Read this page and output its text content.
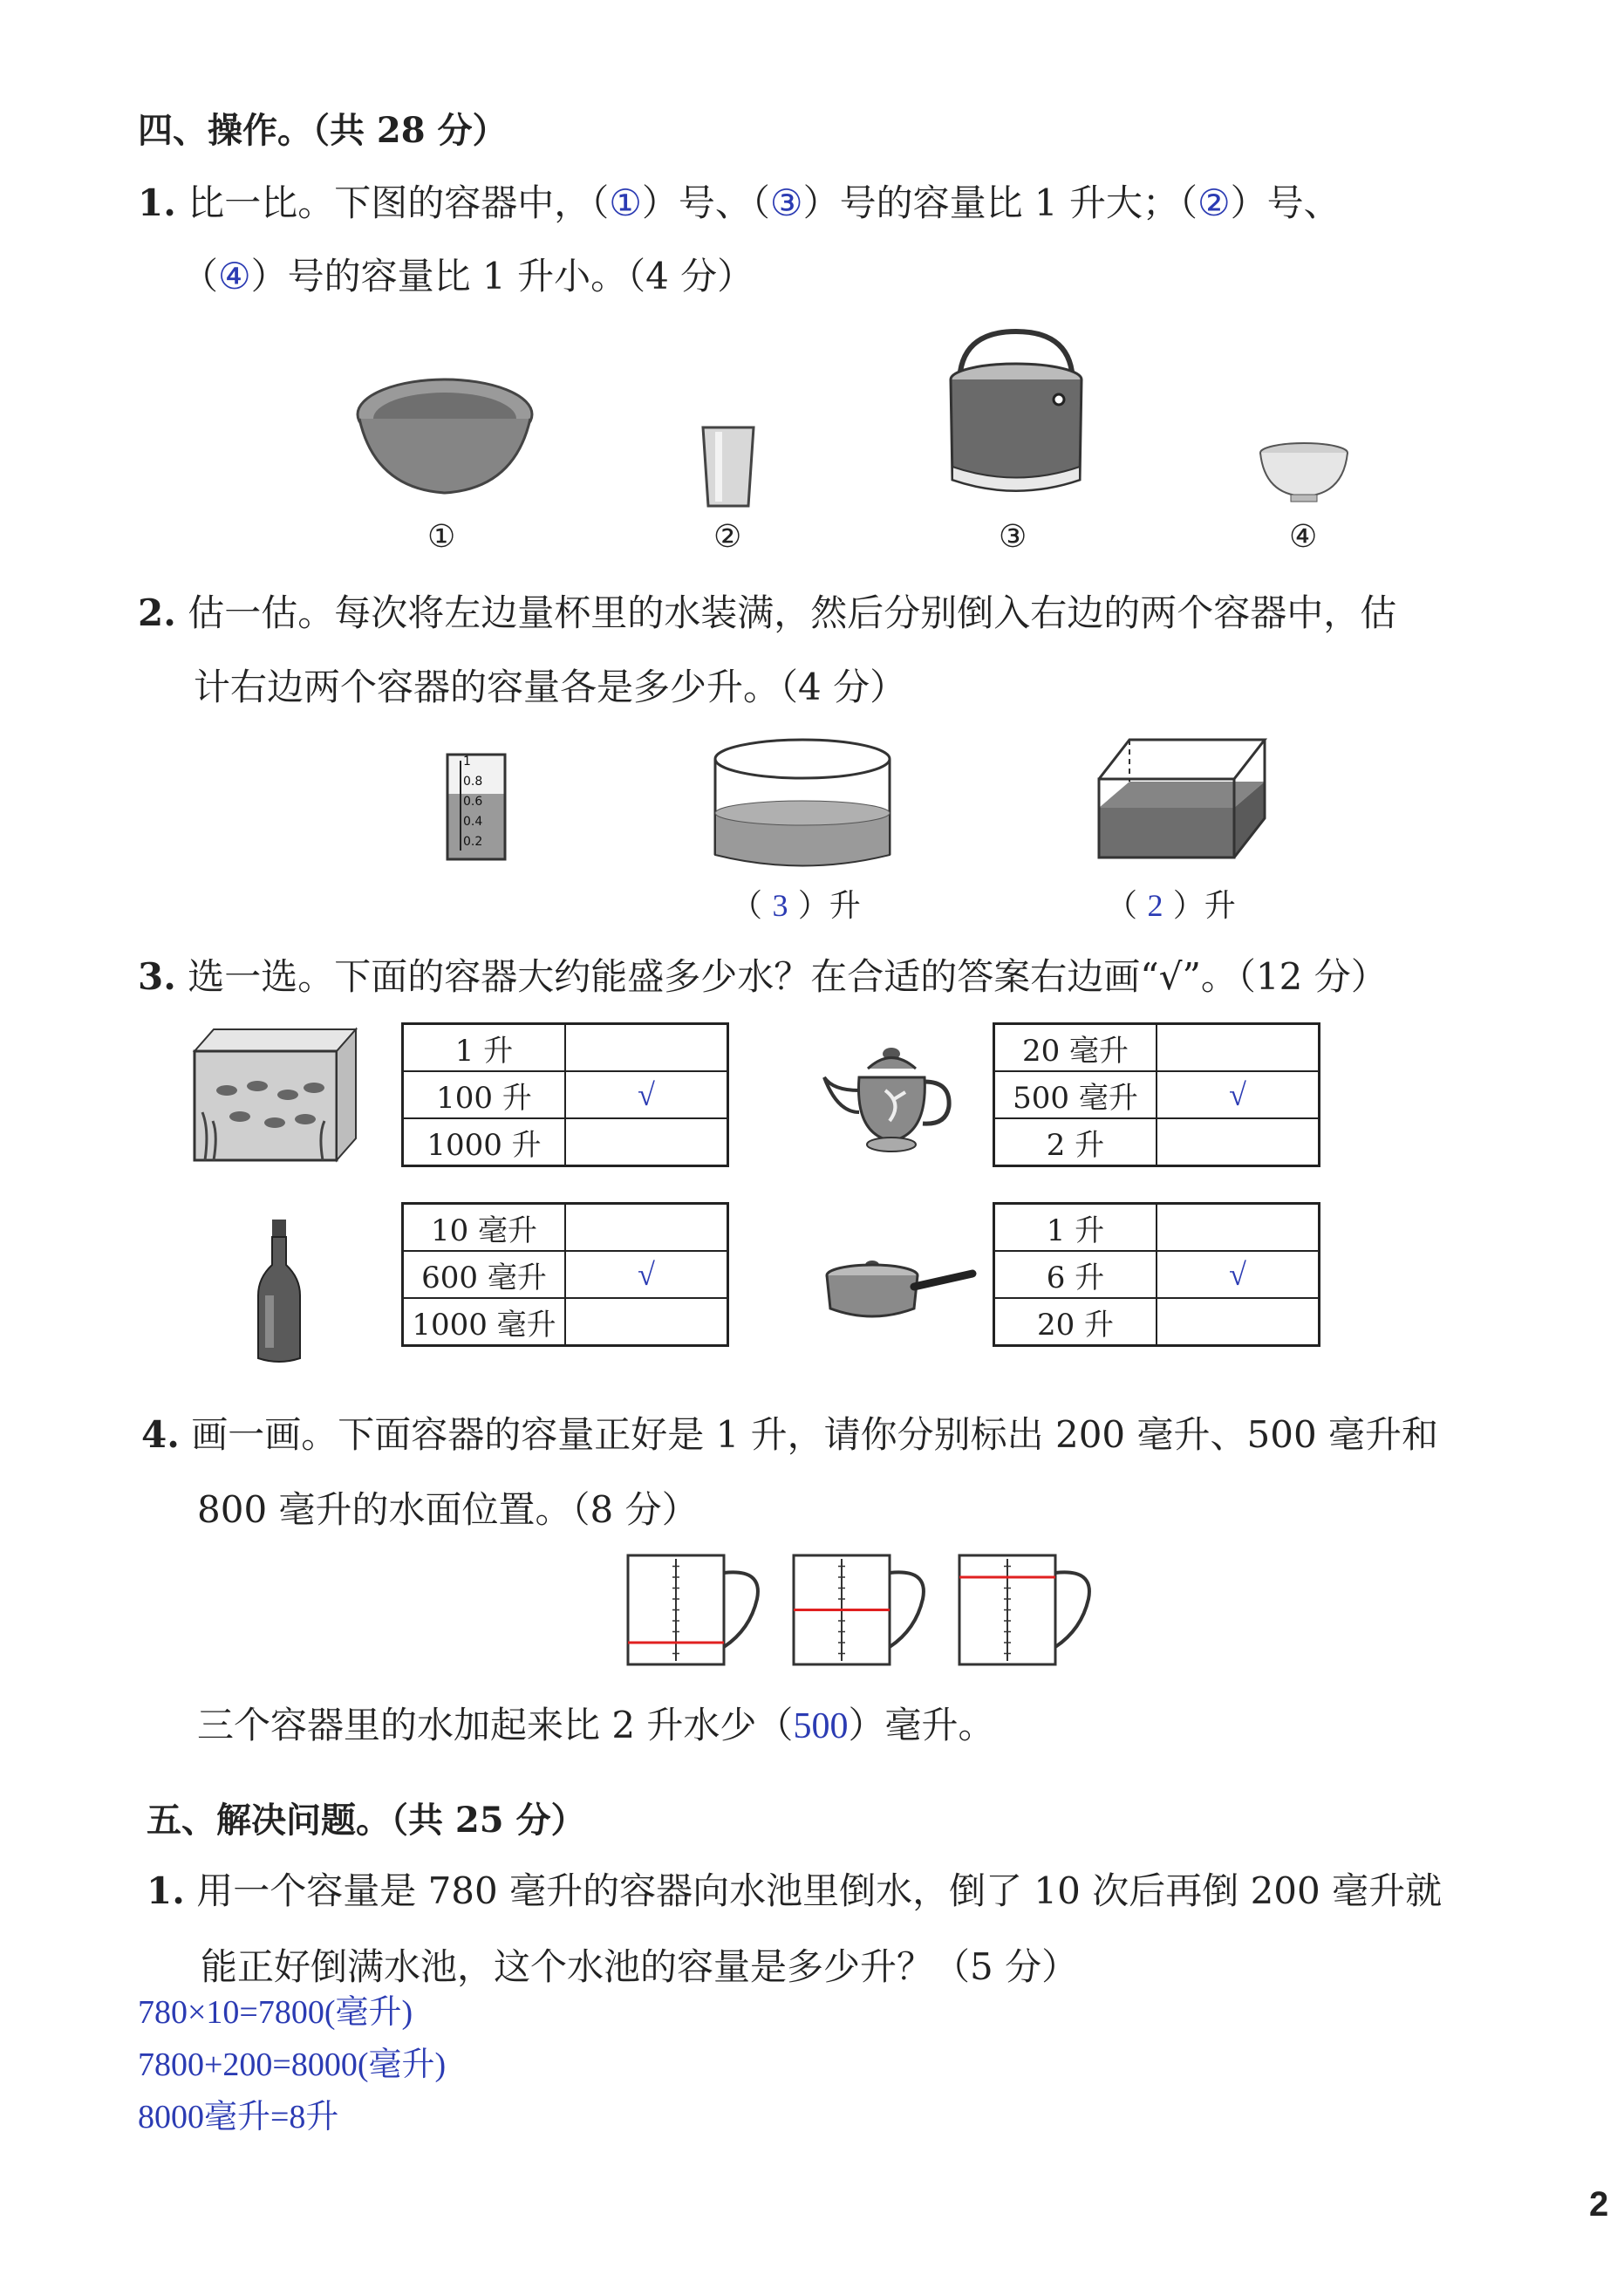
四、操作。（共 28 分）
1. 比一比。下图的容器中，（①）号、（③）号的容量比 1 升大；（②）号、
（④）号的容量比 1 升小。（4 分）
①	②	③	④
2. 估一估。每次将左边量杯里的水装满，然后分别倒入右边的两个容器中，估
计右边两个容器的容量各是多少升。（4 分）
1
0.8
0.6
0.4
0.2
（ 3 ）升	（ 2 ）升
3. 选一选。下面的容器大约能盛多少水？在合适的答案右边画“√”。（12 分）
1 升	
100 升	√
1000 升	
20 毫升	
500 毫升	√
2 升	
10 毫升	
600 毫升	√
1000 毫升	
1 升	
6 升	√
20 升	
4. 画一画。下面容器的容量正好是 1 升，请你分别标出 200 毫升、500 毫升和
800 毫升的水面位置。（8 分）
三个容器里的水加起来比 2 升水少（500）毫升。
五、解决问题。（共 25 分）
1. 用一个容量是 780 毫升的容器向水池里倒水，倒了 10 次后再倒 200 毫升就
能正好倒满水池，这个水池的容量是多少升？（5 分）
780×10=7800(毫升)
7800+200=8000(毫升)
8000毫升=8升
2
